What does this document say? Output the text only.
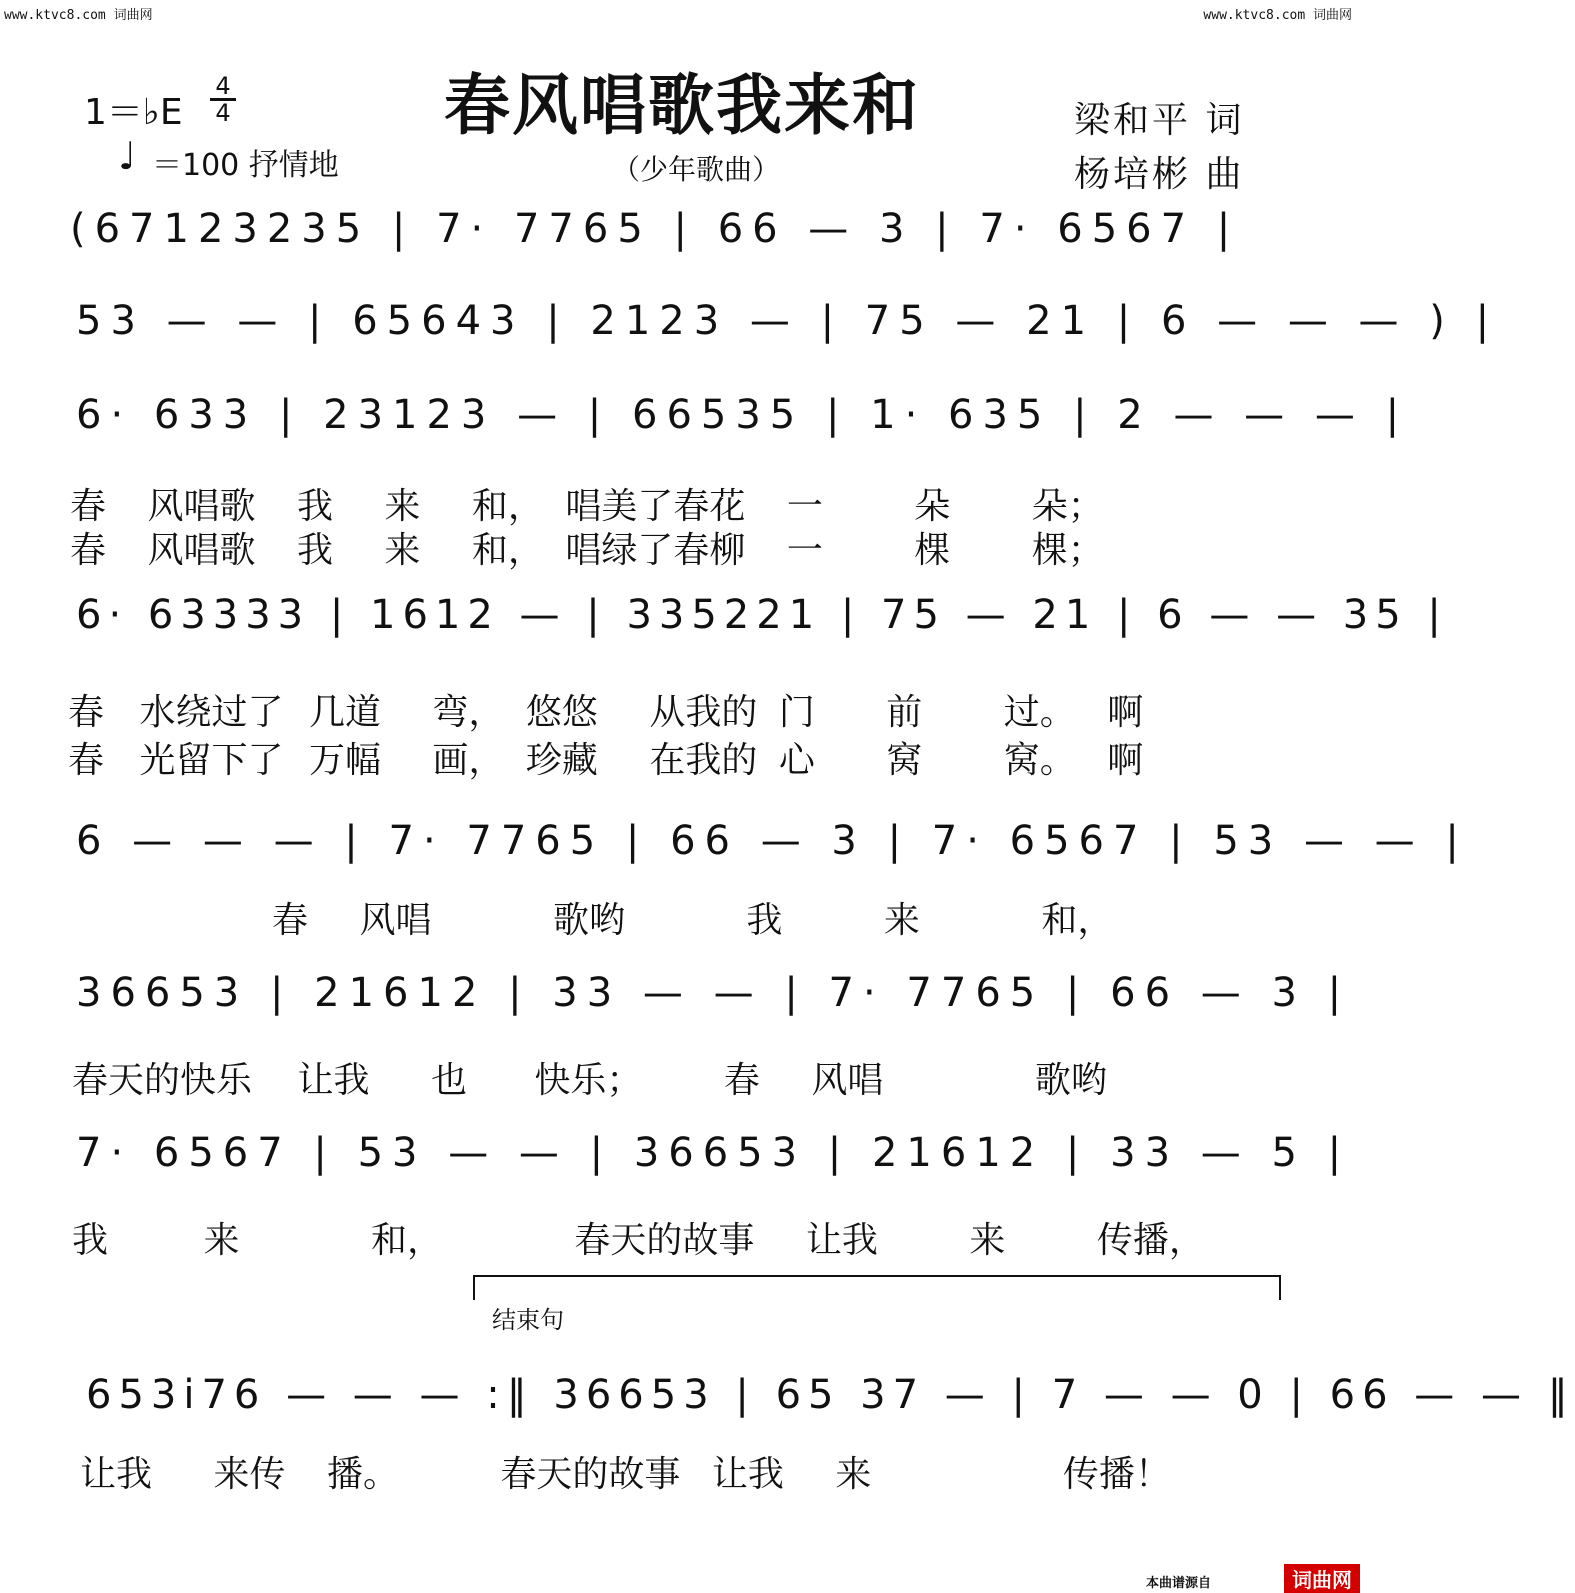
www.ktvc8.com 词曲网	www.ktvc8.com 词曲网
1＝♭E $\frac{4}{4}$
♩ ＝100 抒情地
春风唱歌我来和
（少年歌曲）
梁和平 词
杨培彬 曲
(67123235 | 7· 7765 | 66 — 3 | 7· 6567 |
53 — — | 65643 | 2123 — | 75 — 21 | 6 — — — ) |
6· 633 | 23123 — | 66535 | 1· 635 | 2 — — — |
春 风唱歌 我 来 和， 唱美了春花 一	朵 朵；
春 风唱歌 我 来 和， 唱绿了春柳 一	棵 棵；
6· 63333 | 1612 — | 335221 | 75 — 21 | 6 — — 35 |
春 水绕过了 几道 弯， 悠悠 从我的 门 前 过。 啊
春 光留下了 万幅 画， 珍藏 在我的 心 窝 窝。 啊
6 — — — | 7· 7765 | 66 — 3 | 7· 6567 | 53 — — |
春 风唱	歌哟	我	来	和，
36653 | 21612 | 33 — — | 7· 7765 | 66 — 3 |
春天的快乐 让我 也 快乐； 春 风唱	歌哟
7· 6567 | 53 — — | 36653 | 21612 | 33 — 5 |
我	来	和，	春天的故事 让我	来	传播，
结束句
653i76 — — — :‖ 36653 | 65 37 — | 7 — — 0 | 66 — — ‖
让我 来传 播。	春天的故事 让我 来	传播！
本曲谱源自	词曲网
